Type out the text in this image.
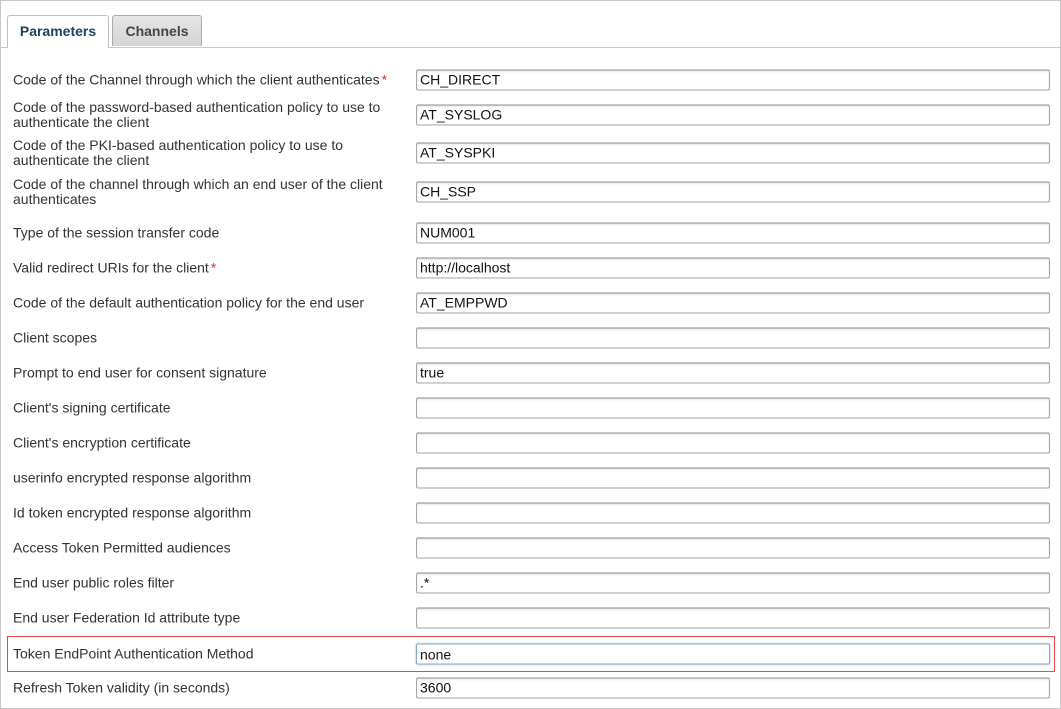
Parameters	Channels
Code of the Channel through which the client authenticates *
CH_DIRECT
Code of the password-based authentication policy to use to authenticate the client
AT_SYSLOG
Code of the PKI-based authentication policy to use to authenticate the client
AT_SYSPKI
Code of the channel through which an end user of the client authenticates
CH_SSP
Type of the session transfer code
NUM001
Valid redirect URIs for the client *
http://localhost
Code of the default authentication policy for the end user
AT_EMPPWD
Client scopes
Prompt to end user for consent signature
true
Client's signing certificate
Client's encryption certificate
userinfo encrypted response algorithm
Id token encrypted response algorithm
Access Token Permitted audiences
End user public roles filter
.*
End user Federation Id attribute type
Token EndPoint Authentication Method
none
Refresh Token validity (in seconds)
3600
